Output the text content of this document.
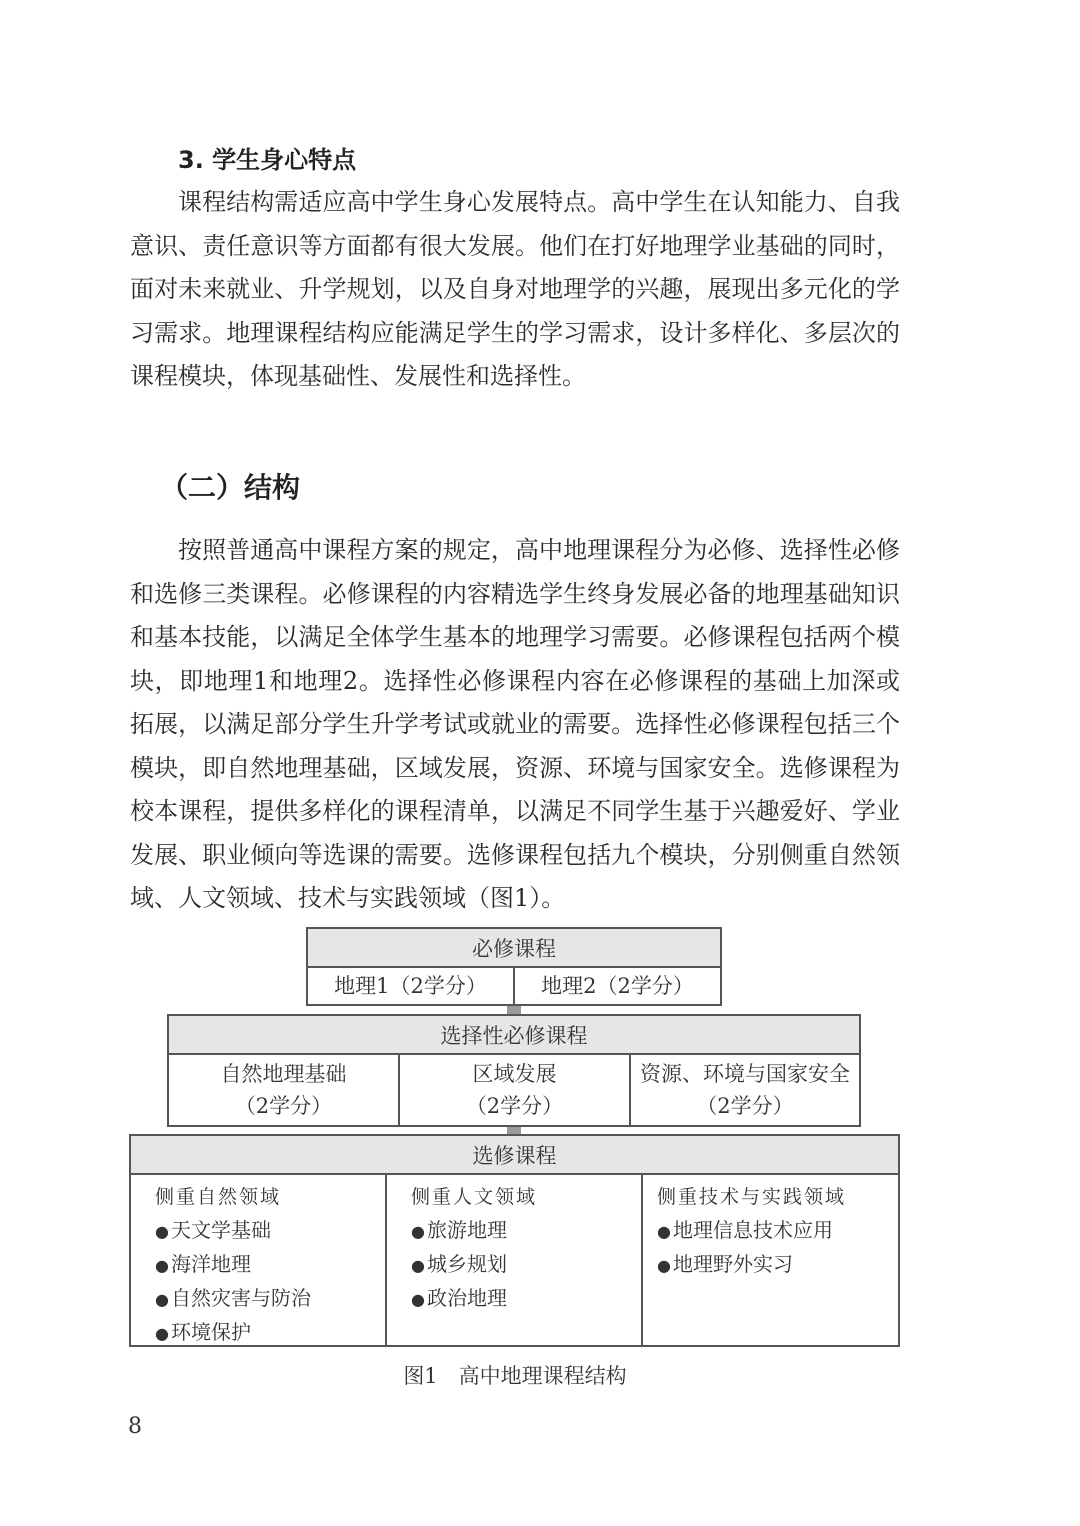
3. 学生身心特点

课程结构需适应高中学生身心发展特点。高中学生在认知能力、自我意识、责任意识等方面都有很大发展。他们在打好地理学业基础的同时，面对未来就业、升学规划，以及自身对地理学的兴趣，展现出多元化的学习需求。地理课程结构应能满足学生的学习需求，设计多样化、多层次的课程模块，体现基础性、发展性和选择性。

（二）结构

按照普通高中课程方案的规定，高中地理课程分为必修、选择性必修和选修三类课程。必修课程的内容精选学生终身发展必备的地理基础知识和基本技能，以满足全体学生基本的地理学习需要。必修课程包括两个模块，即地理1和地理2。选择性必修课程内容在必修课程的基础上加深或拓展，以满足部分学生升学考试或就业的需要。选择性必修课程包括三个模块，即自然地理基础，区域发展，资源、环境与国家安全。选修课程为校本课程，提供多样化的课程清单，以满足不同学生基于兴趣爱好、学业发展、职业倾向等选课的需要。选修课程包括九个模块，分别侧重自然领域、人文领域、技术与实践领域（图1）。

必修课程
地理1（2学分）	地理2（2学分）
选择性必修课程
自然地理基础
（2学分）
区域发展
（2学分）
资源、环境与国家安全
（2学分）
选修课程
侧重自然领域
● 天文学基础
● 海洋地理
● 自然灾害与防治
● 环境保护
侧重人文领域
● 旅游地理
● 城乡规划
● 政治地理
侧重技术与实践领域
● 地理信息技术应用
● 地理野外实习
图1　高中地理课程结构
8
